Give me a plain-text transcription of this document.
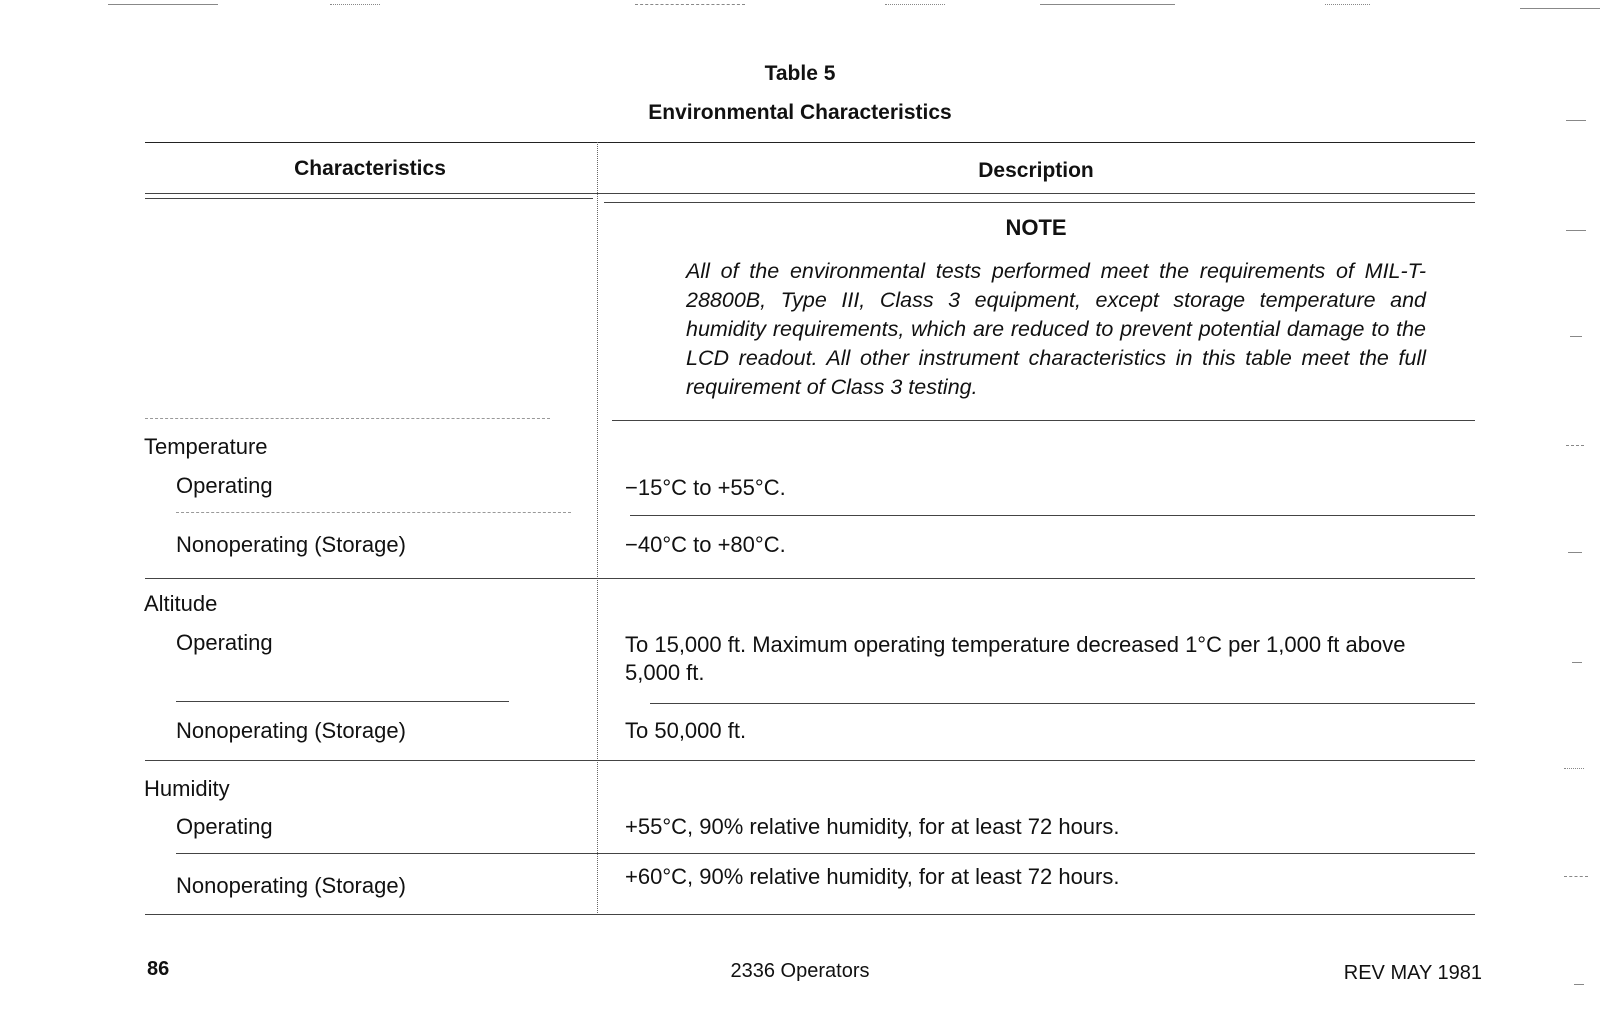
Table 5
Environmental Characteristics
Characteristics	Description
NOTE
All of the environmental tests performed meet the requirements of MIL-T-28800B, Type III, Class 3 equipment, except storage temperature and humidity requirements, which are reduced to prevent potential damage to the LCD readout. All other instrument characteristics in this table meet the full requirement of Class 3 testing.
Temperature
Operating	−15°C to +55°C.
Nonoperating (Storage)	−40°C to +80°C.
Altitude
Operating	To 15,000 ft. Maximum operating temperature decreased 1°C per 1,000 ft above 5,000 ft.
Nonoperating (Storage)	To 50,000 ft.
Humidity
Operating	+55°C, 90% relative humidity, for at least 72 hours.
Nonoperating (Storage)	+60°C, 90% relative humidity, for at least 72 hours.
86	2336 Operators	REV MAY 1981
